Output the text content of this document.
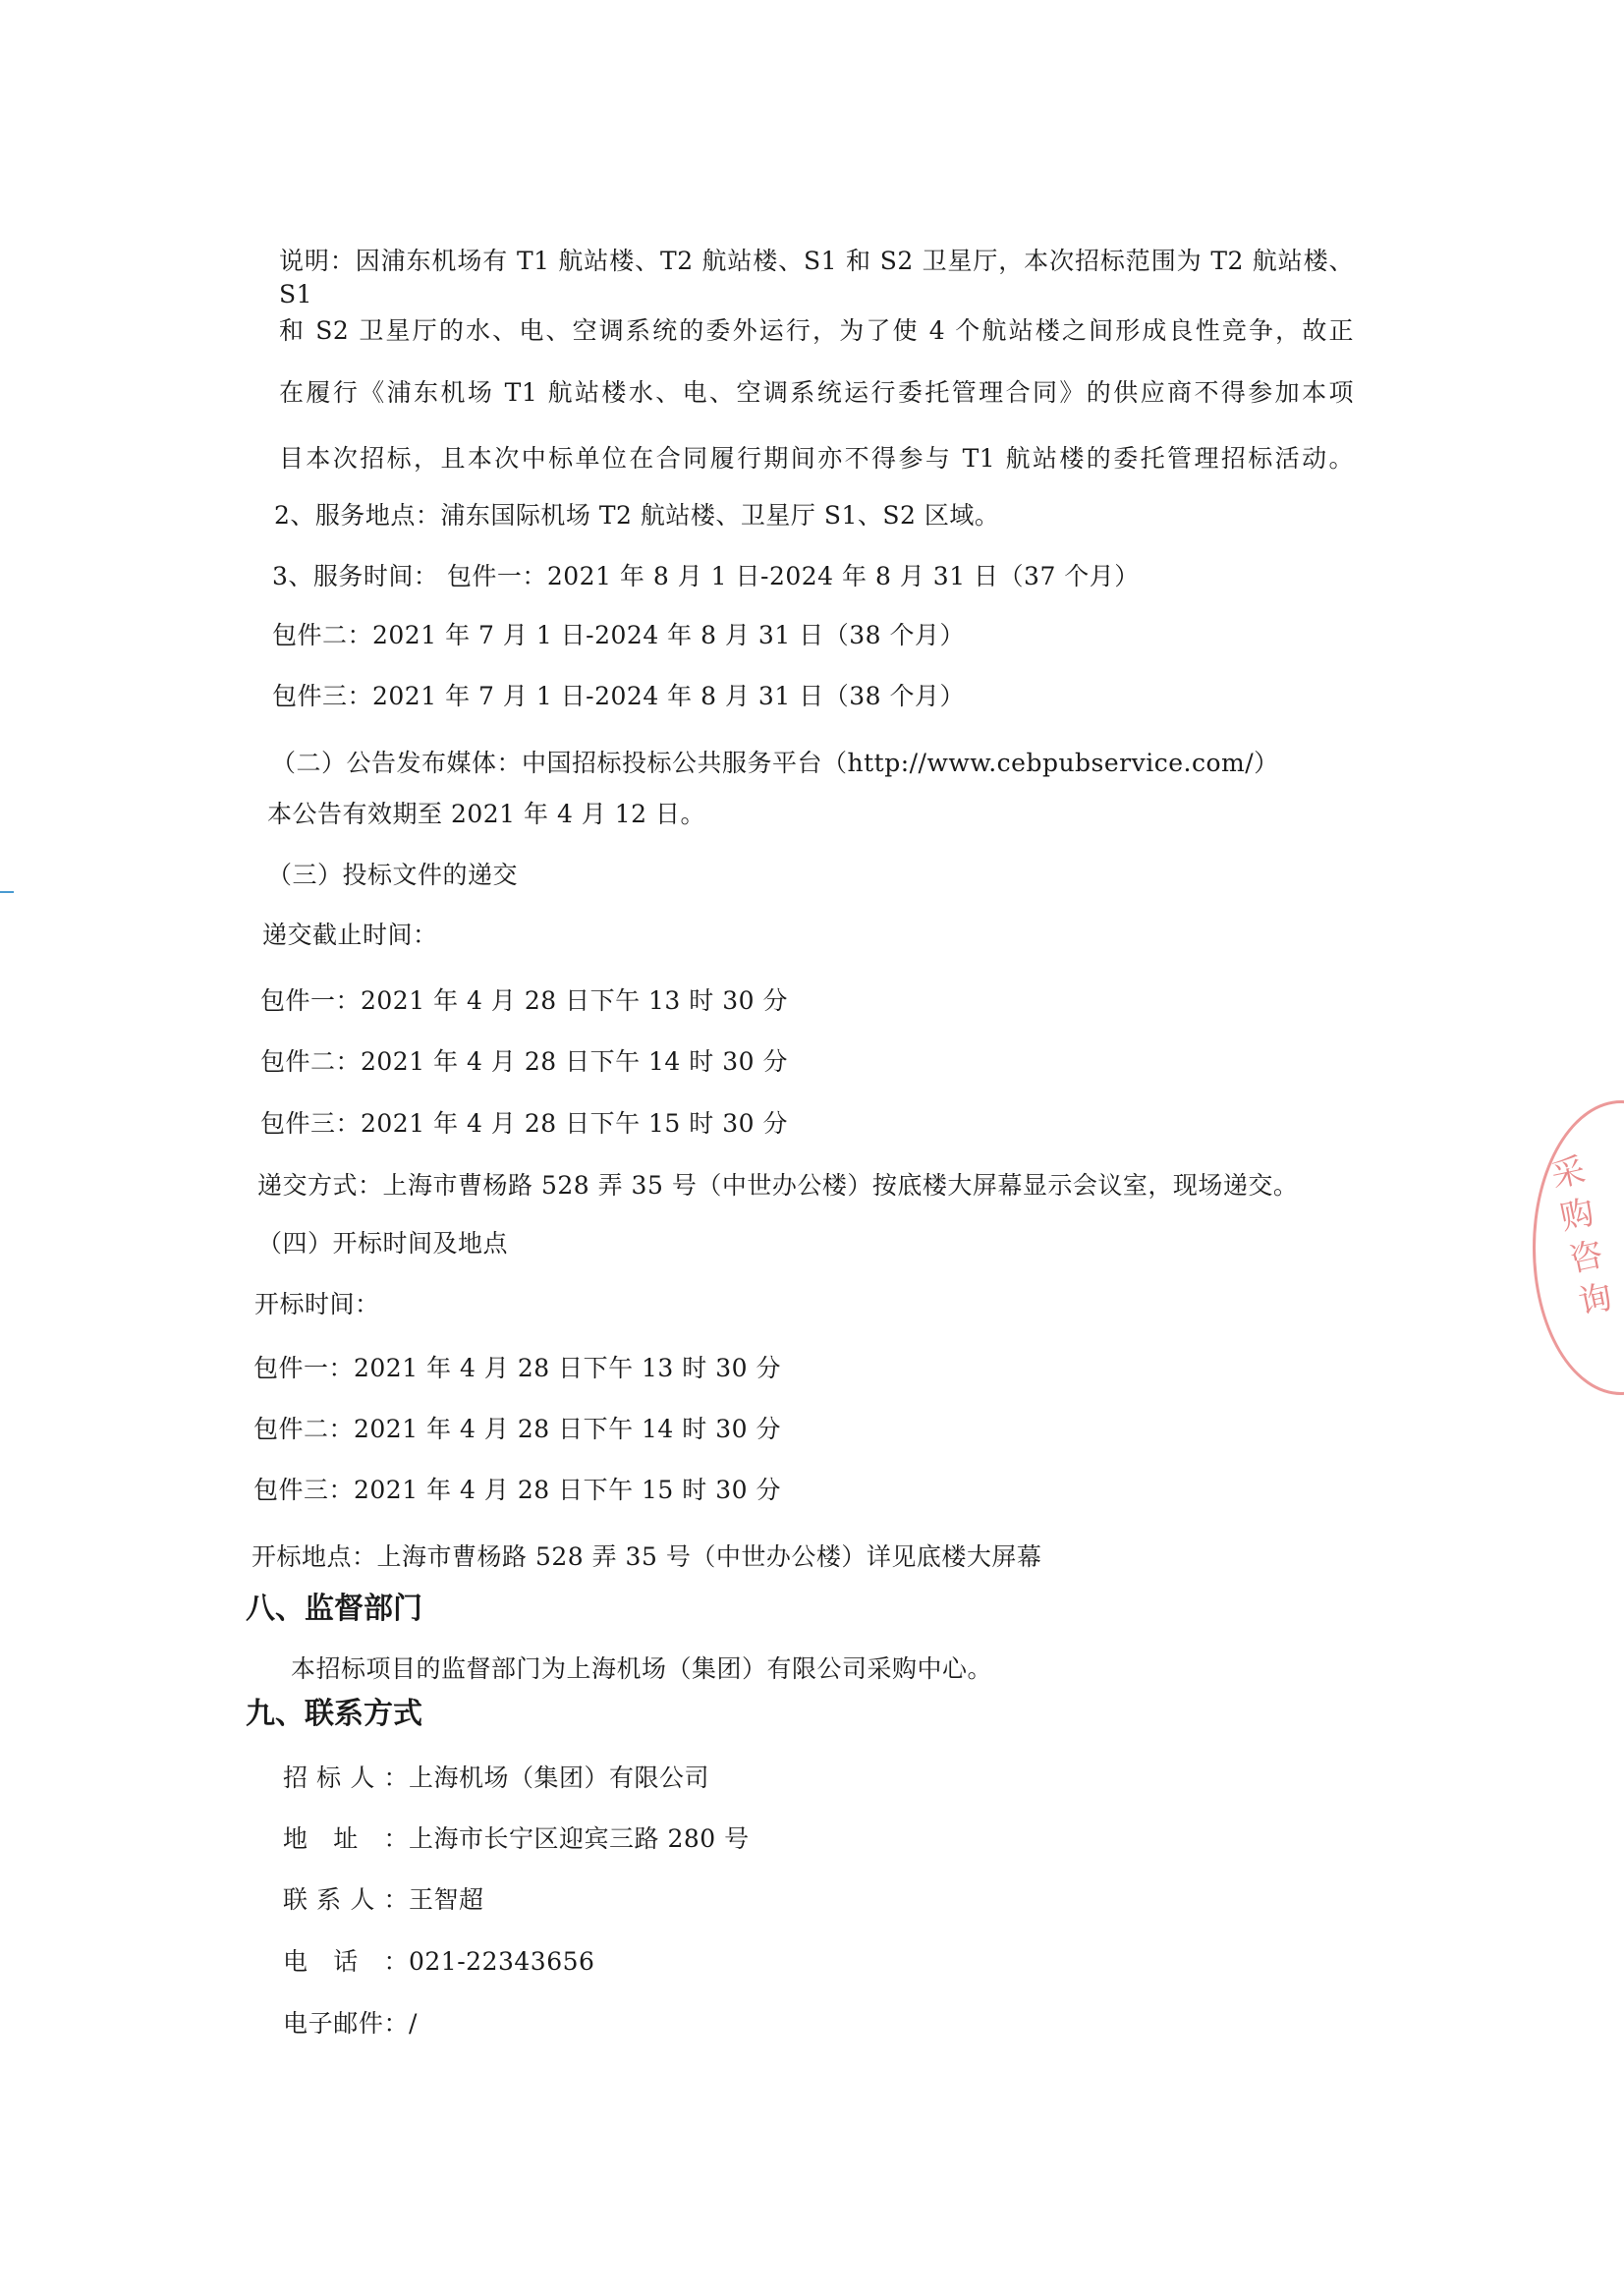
说明：因浦东机场有 T1 航站楼、T2 航站楼、S1 和 S2 卫星厅，本次招标范围为 T2 航站楼、S1
和 S2 卫星厅的水、电、空调系统的委外运行，为了使 4 个航站楼之间形成良性竞争，故正
在履行《浦东机场 T1 航站楼水、电、空调系统运行委托管理合同》的供应商不得参加本项
目本次招标，且本次中标单位在合同履行期间亦不得参与 T1 航站楼的委托管理招标活动。
2、服务地点：浦东国际机场 T2 航站楼、卫星厅 S1、S2 区域。
3、服务时间： 包件一：2021 年 8 月 1 日-2024 年 8 月 31 日（37 个月）
包件二：2021 年 7 月 1 日-2024 年 8 月 31 日（38 个月）
包件三：2021 年 7 月 1 日-2024 年 8 月 31 日（38 个月）
（二）公告发布媒体：中国招标投标公共服务平台（http://www.cebpubservice.com/）
本公告有效期至 2021 年 4 月 12 日。
（三）投标文件的递交
递交截止时间：
包件一：2021 年 4 月 28 日下午 13 时 30 分
包件二：2021 年 4 月 28 日下午 14 时 30 分
包件三：2021 年 4 月 28 日下午 15 时 30 分
递交方式：上海市曹杨路 528 弄 35 号（中世办公楼）按底楼大屏幕显示会议室，现场递交。
（四）开标时间及地点
开标时间：
包件一：2021 年 4 月 28 日下午 13 时 30 分
包件二：2021 年 4 月 28 日下午 14 时 30 分
包件三：2021 年 4 月 28 日下午 15 时 30 分
开标地点：上海市曹杨路 528 弄 35 号（中世办公楼）详见底楼大屏幕
八、监督部门
本招标项目的监督部门为上海机场（集团）有限公司采购中心。
九、联系方式
招标人：上海机场（集团）有限公司
地址：上海市长宁区迎宾三路 280 号
联系人：王智超
电话：021-22343656
电子邮件：/
采购咨询
